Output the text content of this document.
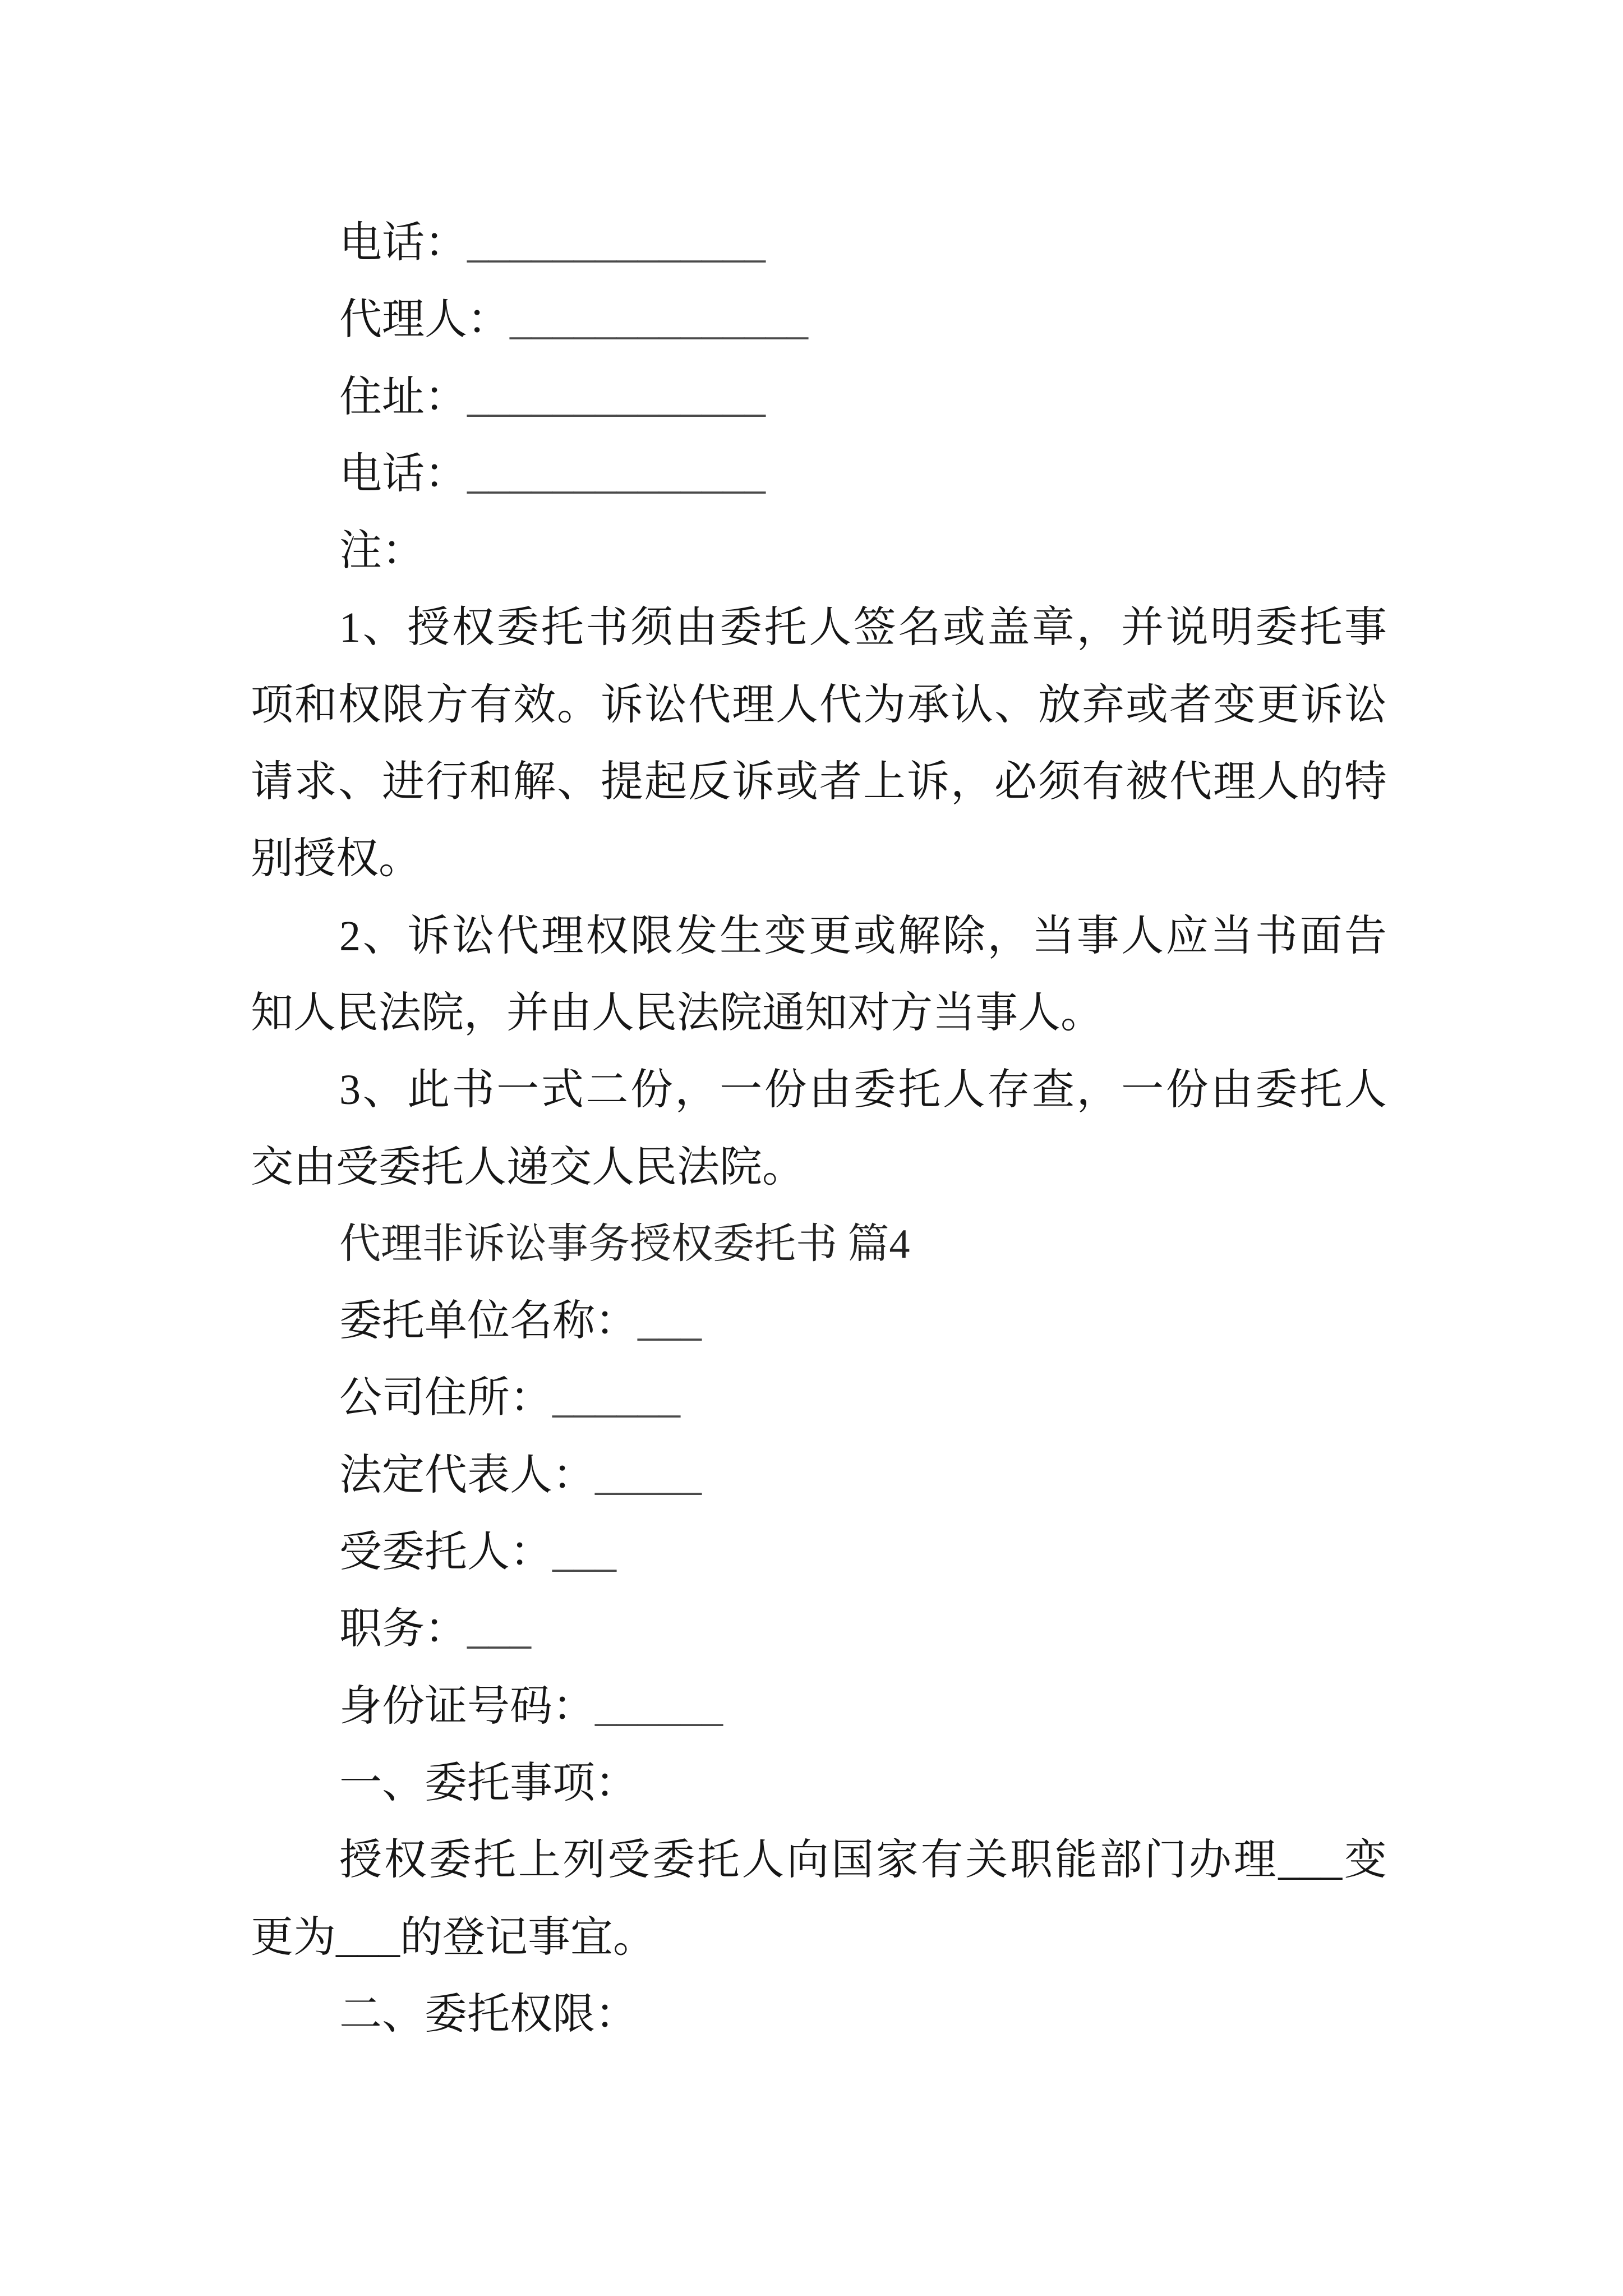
电话：______________
代理人：______________
住址：______________
电话：______________
注：
1、授权委托书须由委托人签名或盖章，并说明委托事
项和权限方有效。诉讼代理人代为承认、放弃或者变更诉讼
请求、进行和解、提起反诉或者上诉，必须有被代理人的特
别授权。
2、诉讼代理权限发生变更或解除，当事人应当书面告
知人民法院，并由人民法院通知对方当事人。
3、此书一式二份，一份由委托人存查，一份由委托人
交由受委托人递交人民法院。
代理非诉讼事务授权委托书 篇4
委托单位名称：___
公司住所：______
法定代表人：_____
受委托人：___
职务：___
身份证号码：______
一、委托事项：
授权委托上列受委托人向国家有关职能部门办理___变
更为___的登记事宜。
二、委托权限：
